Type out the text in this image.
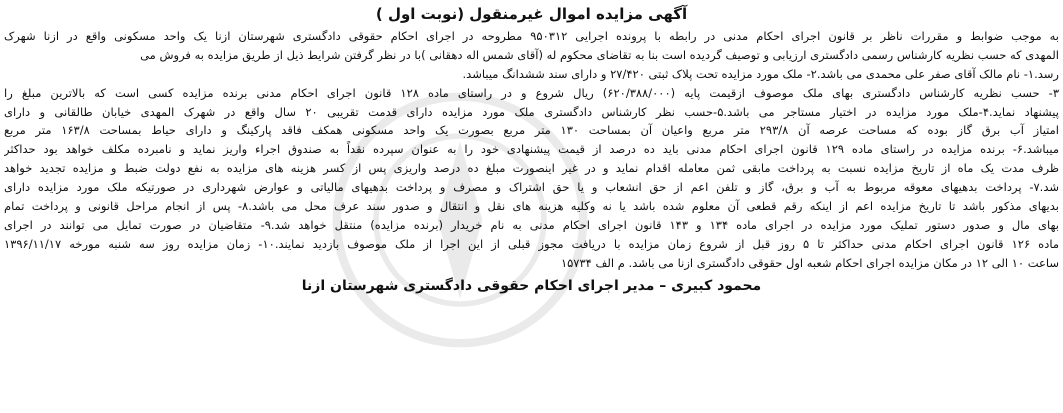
آگهی مزایده اموال غیرمنقول (نوبت اول )
به موجب ضوابط و مقررات ناظر بر قانون اجرای احکام مدنی در رابطه با پرونده اجرایی ۹۵۰۳۱۲ مطروحه در اجرای احکام حقوقی دادگستری شهرستان ازنا یک واحد مسکونی واقع در ازنا شهرک
المهدی که حسب نظریه کارشناس رسمی دادگستری ارزیابی و توصیف گردیده است بنا به تقاضای محکوم له (آقای شمس اله دهقانی )با در نظر گرفتن شرایط ذیل از طریق مزایده به فروش می
رسد.۱- نام مالک آقای صفر علی محمدی می باشد.۲- ملک مورد مزایده تحت پلاک ثبتی ۲۷/۴۲۰ و دارای سند ششدانگ میباشد.
۳- حسب نظریه کارشناس دادگستری بهای ملک موصوف ازقیمت پایه (۶۲۰/۳۸۸/۰۰۰) ریال شروع و در راستای ماده ۱۲۸ قانون اجرای احکام مدنی برنده مزایده کسی است که بالاترین مبلغ را
پیشنهاد نماید.۴-ملک مورد مزایده در اختیار مستاجر می باشد.۵-حسب نظر کارشناس دادگستری ملک مورد مزایده دارای قدمت تقریبی ۲۰ سال واقع در شهرک المهدی خیابان طالقانی و دارای
امتیاز آب برق گاز بوده که مساحت عرصه آن ۲۹۳/۸ متر مربع واعیان آن بمساحت ۱۳۰ متر مربع بصورت یک واحد مسکونی همکف فاقد پارکینگ و دارای حیاط بمساحت ۱۶۳/۸ متر مربع
میباشد.۶- برنده مزایده در راستای ماده ۱۲۹ قانون اجرای احکام مدنی باید ده درصد از قیمت پیشنهادی خود را به عنوان سپرده نقداً به صندوق اجراء واریز نماید و نامبرده مکلف خواهد بود حداکثر
ظرف مدت یک ماه از تاریخ مزایده نسبت به پرداخت مابقی ثمن معامله اقدام نماید و در غیر اینصورت مبلغ ده درصد واریزی پس از کسر هزینه های مزایده به نفع دولت ضبط و مزایده تجدید خواهد
شد.۷- پرداخت بدهیهای معوقه مربوط به آب و برق، گاز و تلفن اعم از حق انشعاب و یا حق اشتراک و مصرف و پرداخت بدهیهای مالیاتی و عوارض شهرداری در صورتیکه ملک مورد مزایده دارای
بدیهای مذکور باشد تا تاریخ مزایده اعم از اینکه رقم قطعی آن معلوم شده باشد یا نه وکلیه هزینه های نقل و انتقال و صدور سند عرف محل می باشد.۸- پس از انجام مراحل قانونی و پرداخت تمام
بهای مال و صدور دستور تملیک مورد مزایده در اجرای ماده ۱۳۴ و ۱۴۳ قانون اجرای احکام مدنی به نام خریدار (برنده مزایده) منتقل خواهد شد.۹- متقاضیان در صورت تمایل می توانند در اجرای
ماده ۱۲۶ قانون اجرای احکام مدنی حداکثر تا ۵ روز قبل از شروع زمان مزایده با دریافت مجوز قبلی از این اجرا از ملک موصوف بازدید نمایند.۱۰- زمان مزایده روز سه شنبه مورخه ۱۳۹۶/۱۱/۱۷
ساعت ۱۰ الی ۱۲ در مکان مزایده اجرای احکام شعبه اول حقوقی دادگستری ازنا می باشد. م الف ۱۵۷۳۴
محمود کبیری – مدیر اجرای احکام حقوقی دادگستری شهرستان ازنا
